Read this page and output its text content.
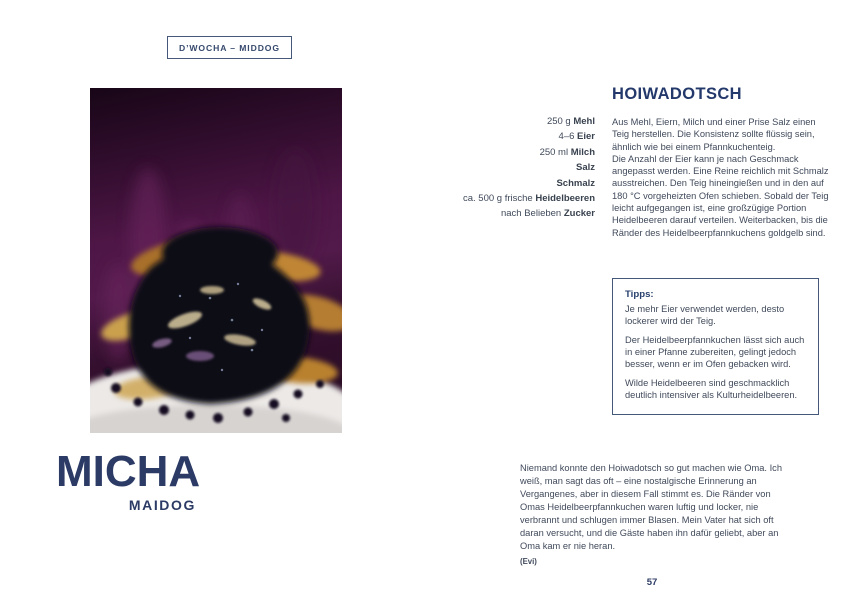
D’WOCHA – MIDDOG
MICHA
MAIDOG
250 g Mehl
4–6 Eier
250 ml Milch
Salz
Schmalz
ca. 500 g frische Heidelbeeren
nach Belieben Zucker
HOIWADOTSCH

Aus Mehl, Eiern, Milch und einer Prise Salz einen Teig herstellen. Die Konsistenz sollte flüssig sein, ähnlich wie bei einem Pfannkuchenteig.

Die Anzahl der Eier kann je nach Geschmack angepasst werden. Eine Reine reichlich mit Schmalz ausstreichen. Den Teig hineingießen und in den auf 180 °C vorgeheizten Ofen schieben. Sobald der Teig leicht aufgegangen ist, eine großzügige Portion Heidelbeeren darauf verteilen. Weiterbacken, bis die Ränder des Heidelbeerpfannkuchens goldgelb sind.

Tipps:

Je mehr Eier verwendet werden, desto lockerer wird der Teig.

Der Heidelbeerpfannkuchen lässt sich auch in einer Pfanne zubereiten, gelingt jedoch besser, wenn er im Ofen gebacken wird.

Wilde Heidelbeeren sind geschmacklich deutlich intensiver als Kulturheidelbeeren.

Niemand konnte den Hoiwadotsch so gut machen wie Oma. Ich weiß, man sagt das oft – eine nostalgische Erinnerung an Vergangenes, aber in diesem Fall stimmt es. Die Ränder von Omas Heidelbeerpfannkuchen waren luftig und locker, nie verbrannt und schlugen immer Blasen. Mein Vater hat sich oft daran versucht, und die Gäste haben ihn dafür geliebt, aber an Oma kam er nie heran.

(Evi)
57
